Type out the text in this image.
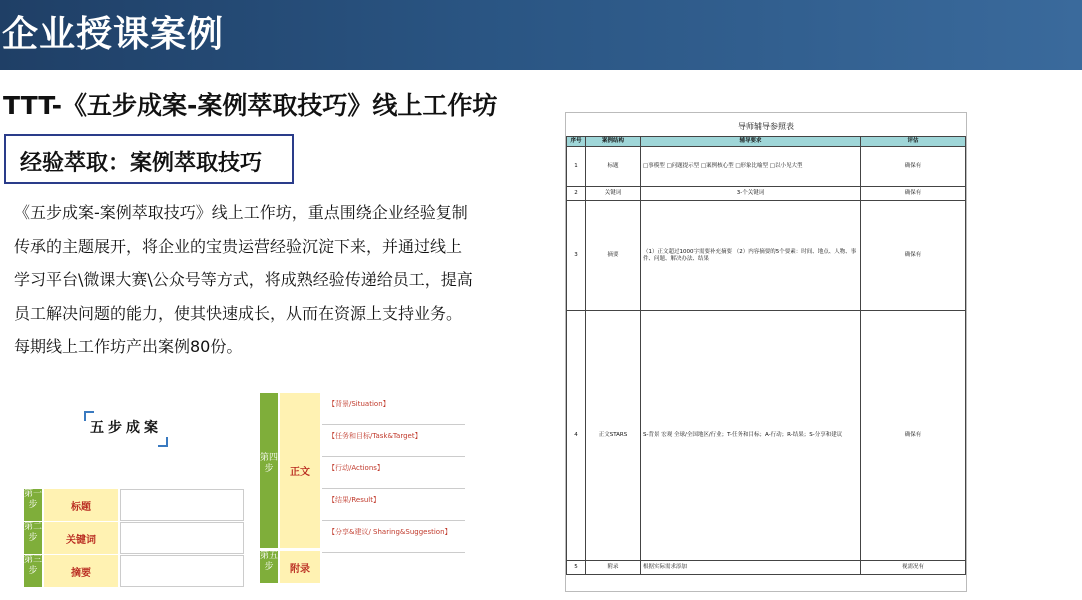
企业授课案例
TTT-《五步成案-案例萃取技巧》线上工作坊
经验萃取：案例萃取技巧
《五步成案-案例萃取技巧》线上工作坊，重点围绕企业经验复制传承的主题展开，将企业的宝贵运营经验沉淀下来，并通过线上学习平台\微课大赛\公众号等方式，将成熟经验传递给员工，提高员工解决问题的能力，使其快速成长，从而在资源上支持业务。每期线上工作坊产出案例80份。
五步成案
第一步	标题
第二步	关键词
第三步	摘要
第四步	正文
第五步	附录
【背景/Situation】
【任务和目标/Task&Target】
【行动/Actions】
【结果/Result】
【分享&建议/ Sharing&Suggestion】
导师辅导参照表
序号	案例结构	辅导要求	评估
1	标题	□事模型 □问题提示型 □案例核心型 □形象比喻型 □以小见大型	确保有
2	关键词	3-个关键词	确保有
3	摘要	（1）正文超过1000字需要补充摘要 （2）内容摘要的5个要素：时间、地点、人物、事件、问题、解决办法、结果	确保有
4	正文STARS	S-背景 宏观 全球/全国地区/行业；T-任务和目标；A-行动；R-结果；S-分享和建议	确保有
5	附录	根据实际需求添加	视需况有
